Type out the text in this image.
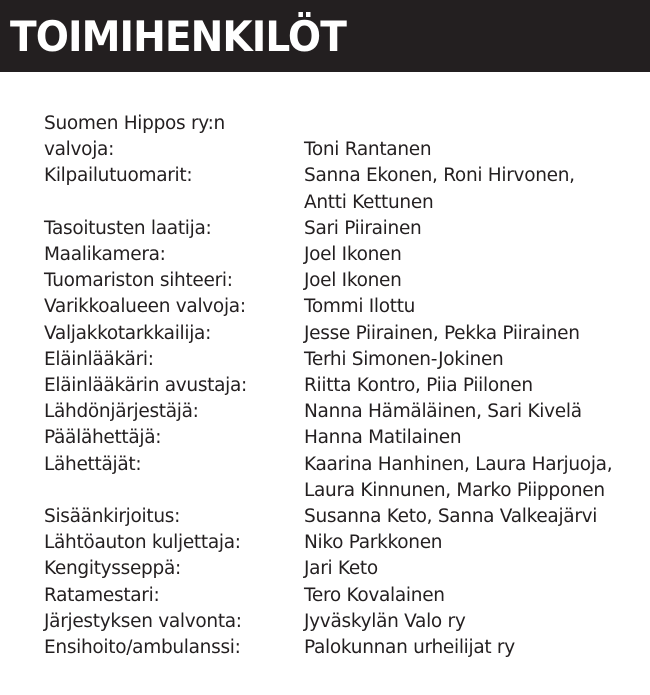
TOIMIHENKILÖT
Suomen Hippos ry:n
valvoja:	Toni Rantanen
Kilpailutuomarit:	Sanna Ekonen, Roni Hirvonen,
Antti Kettunen
Tasoitusten laatija:	Sari Piirainen
Maalikamera:	Joel Ikonen
Tuomariston sihteeri:	Joel Ikonen
Varikkoalueen valvoja:	Tommi Ilottu
Valjakkotarkkailija:	Jesse Piirainen, Pekka Piirainen
Eläinlääkäri:	Terhi Simonen-Jokinen
Eläinlääkärin avustaja:	Riitta Kontro, Piia Piilonen
Lähdönjärjestäjä:	Nanna Hämäläinen, Sari Kivelä
Päälähettäjä:	Hanna Matilainen
Lähettäjät:	Kaarina Hanhinen, Laura Harjuoja,
Laura Kinnunen, Marko Piipponen
Sisäänkirjoitus:	Susanna Keto, Sanna Valkeajärvi
Lähtöauton kuljettaja:	Niko Parkkonen
Kengitysseppä:	Jari Keto
Ratamestari:	Tero Kovalainen
Järjestyksen valvonta:	Jyväskylän Valo ry
Ensihoito/ambulanssi:	Palokunnan urheilijat ry
